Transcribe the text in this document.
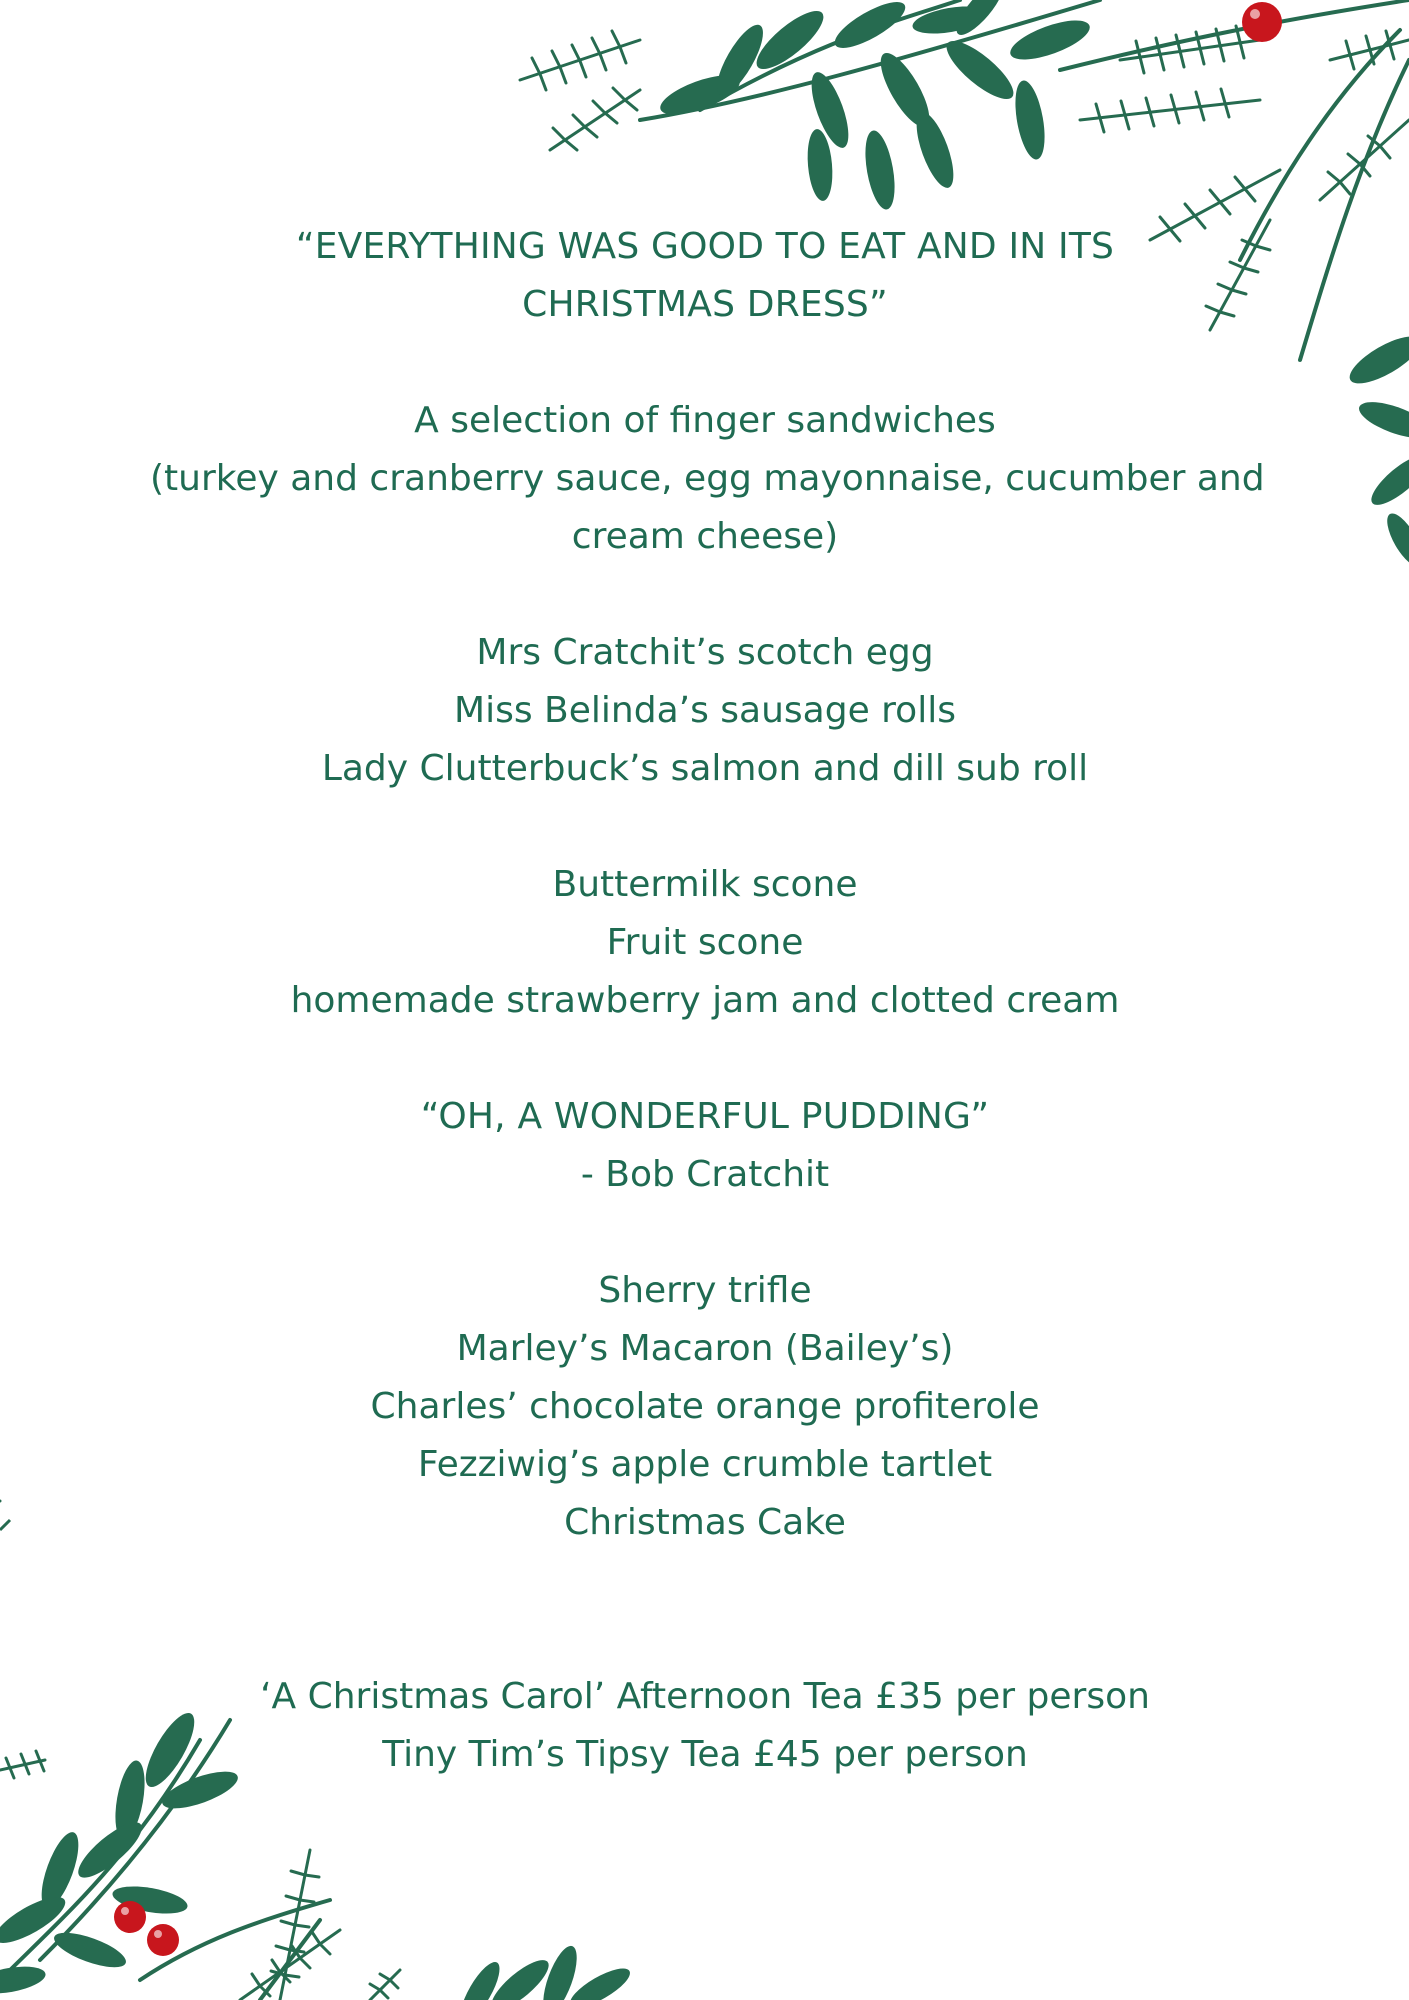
“EVERYTHING WAS GOOD TO EAT AND IN ITS
CHRISTMAS DRESS”
A selection of finger sandwiches
(turkey and cranberry sauce, egg mayonnaise, cucumber and
cream cheese)
Mrs Cratchit’s scotch egg
Miss Belinda’s sausage rolls
Lady Clutterbuck’s salmon and dill sub roll
Buttermilk scone
Fruit scone
homemade strawberry jam and clotted cream
“OH, A WONDERFUL PUDDING”
- Bob Cratchit
Sherry trifle
Marley’s Macaron (Bailey’s)
Charles’ chocolate orange profiterole
Fezziwig’s apple crumble tartlet
Christmas Cake
‘A Christmas Carol’ Afternoon Tea £35 per person
Tiny Tim’s Tipsy Tea £45 per person
